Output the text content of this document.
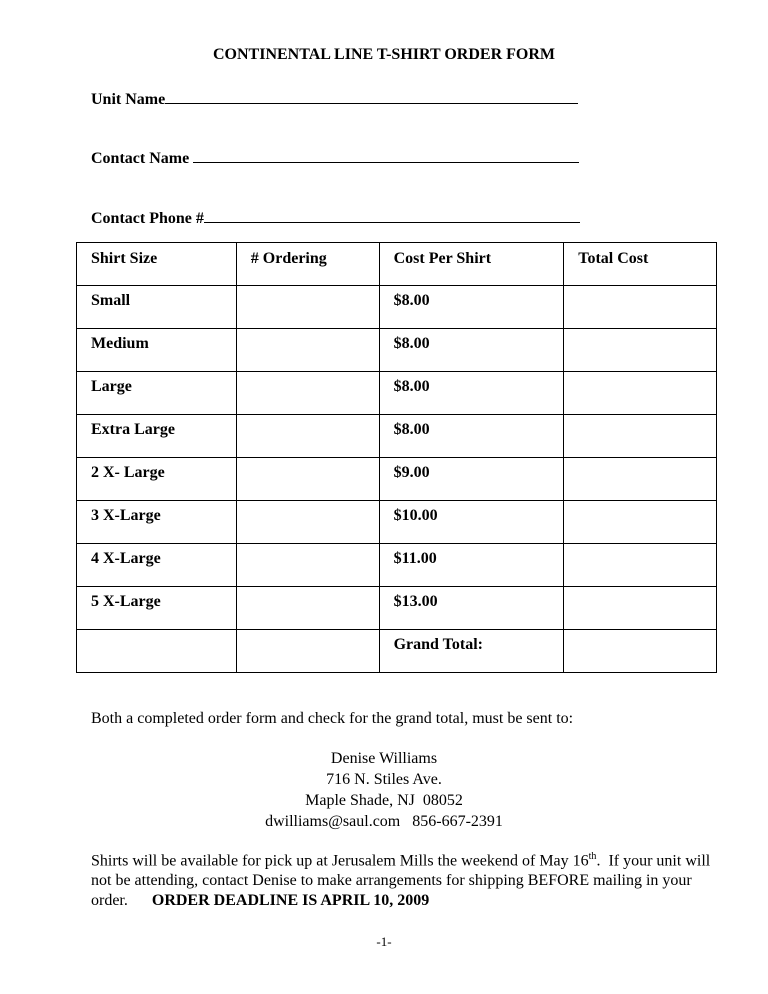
CONTINENTAL LINE T-SHIRT ORDER FORM
Unit Name
Contact Name
Contact Phone #
Shirt Size	# Ordering	Cost Per Shirt	Total Cost
Small		$8.00	
Medium		$8.00	
Large		$8.00	
Extra Large		$8.00	
2 X- Large		$9.00	
3 X-Large		$10.00	
4 X-Large		$11.00	
5 X-Large		$13.00	
		Grand Total:	
Both a completed order form and check for the grand total, must be sent to:
Denise Williams
716 N. Stiles Ave.
Maple Shade, NJ  08052
dwilliams@saul.com 856-667-2391
Shirts will be available for pick up at Jerusalem Mills the weekend of May 16th.  If your unit will not be attending, contact Denise to make arrangements for shipping BEFORE mailing in your order. ORDER DEADLINE IS APRIL 10, 2009
-1-
